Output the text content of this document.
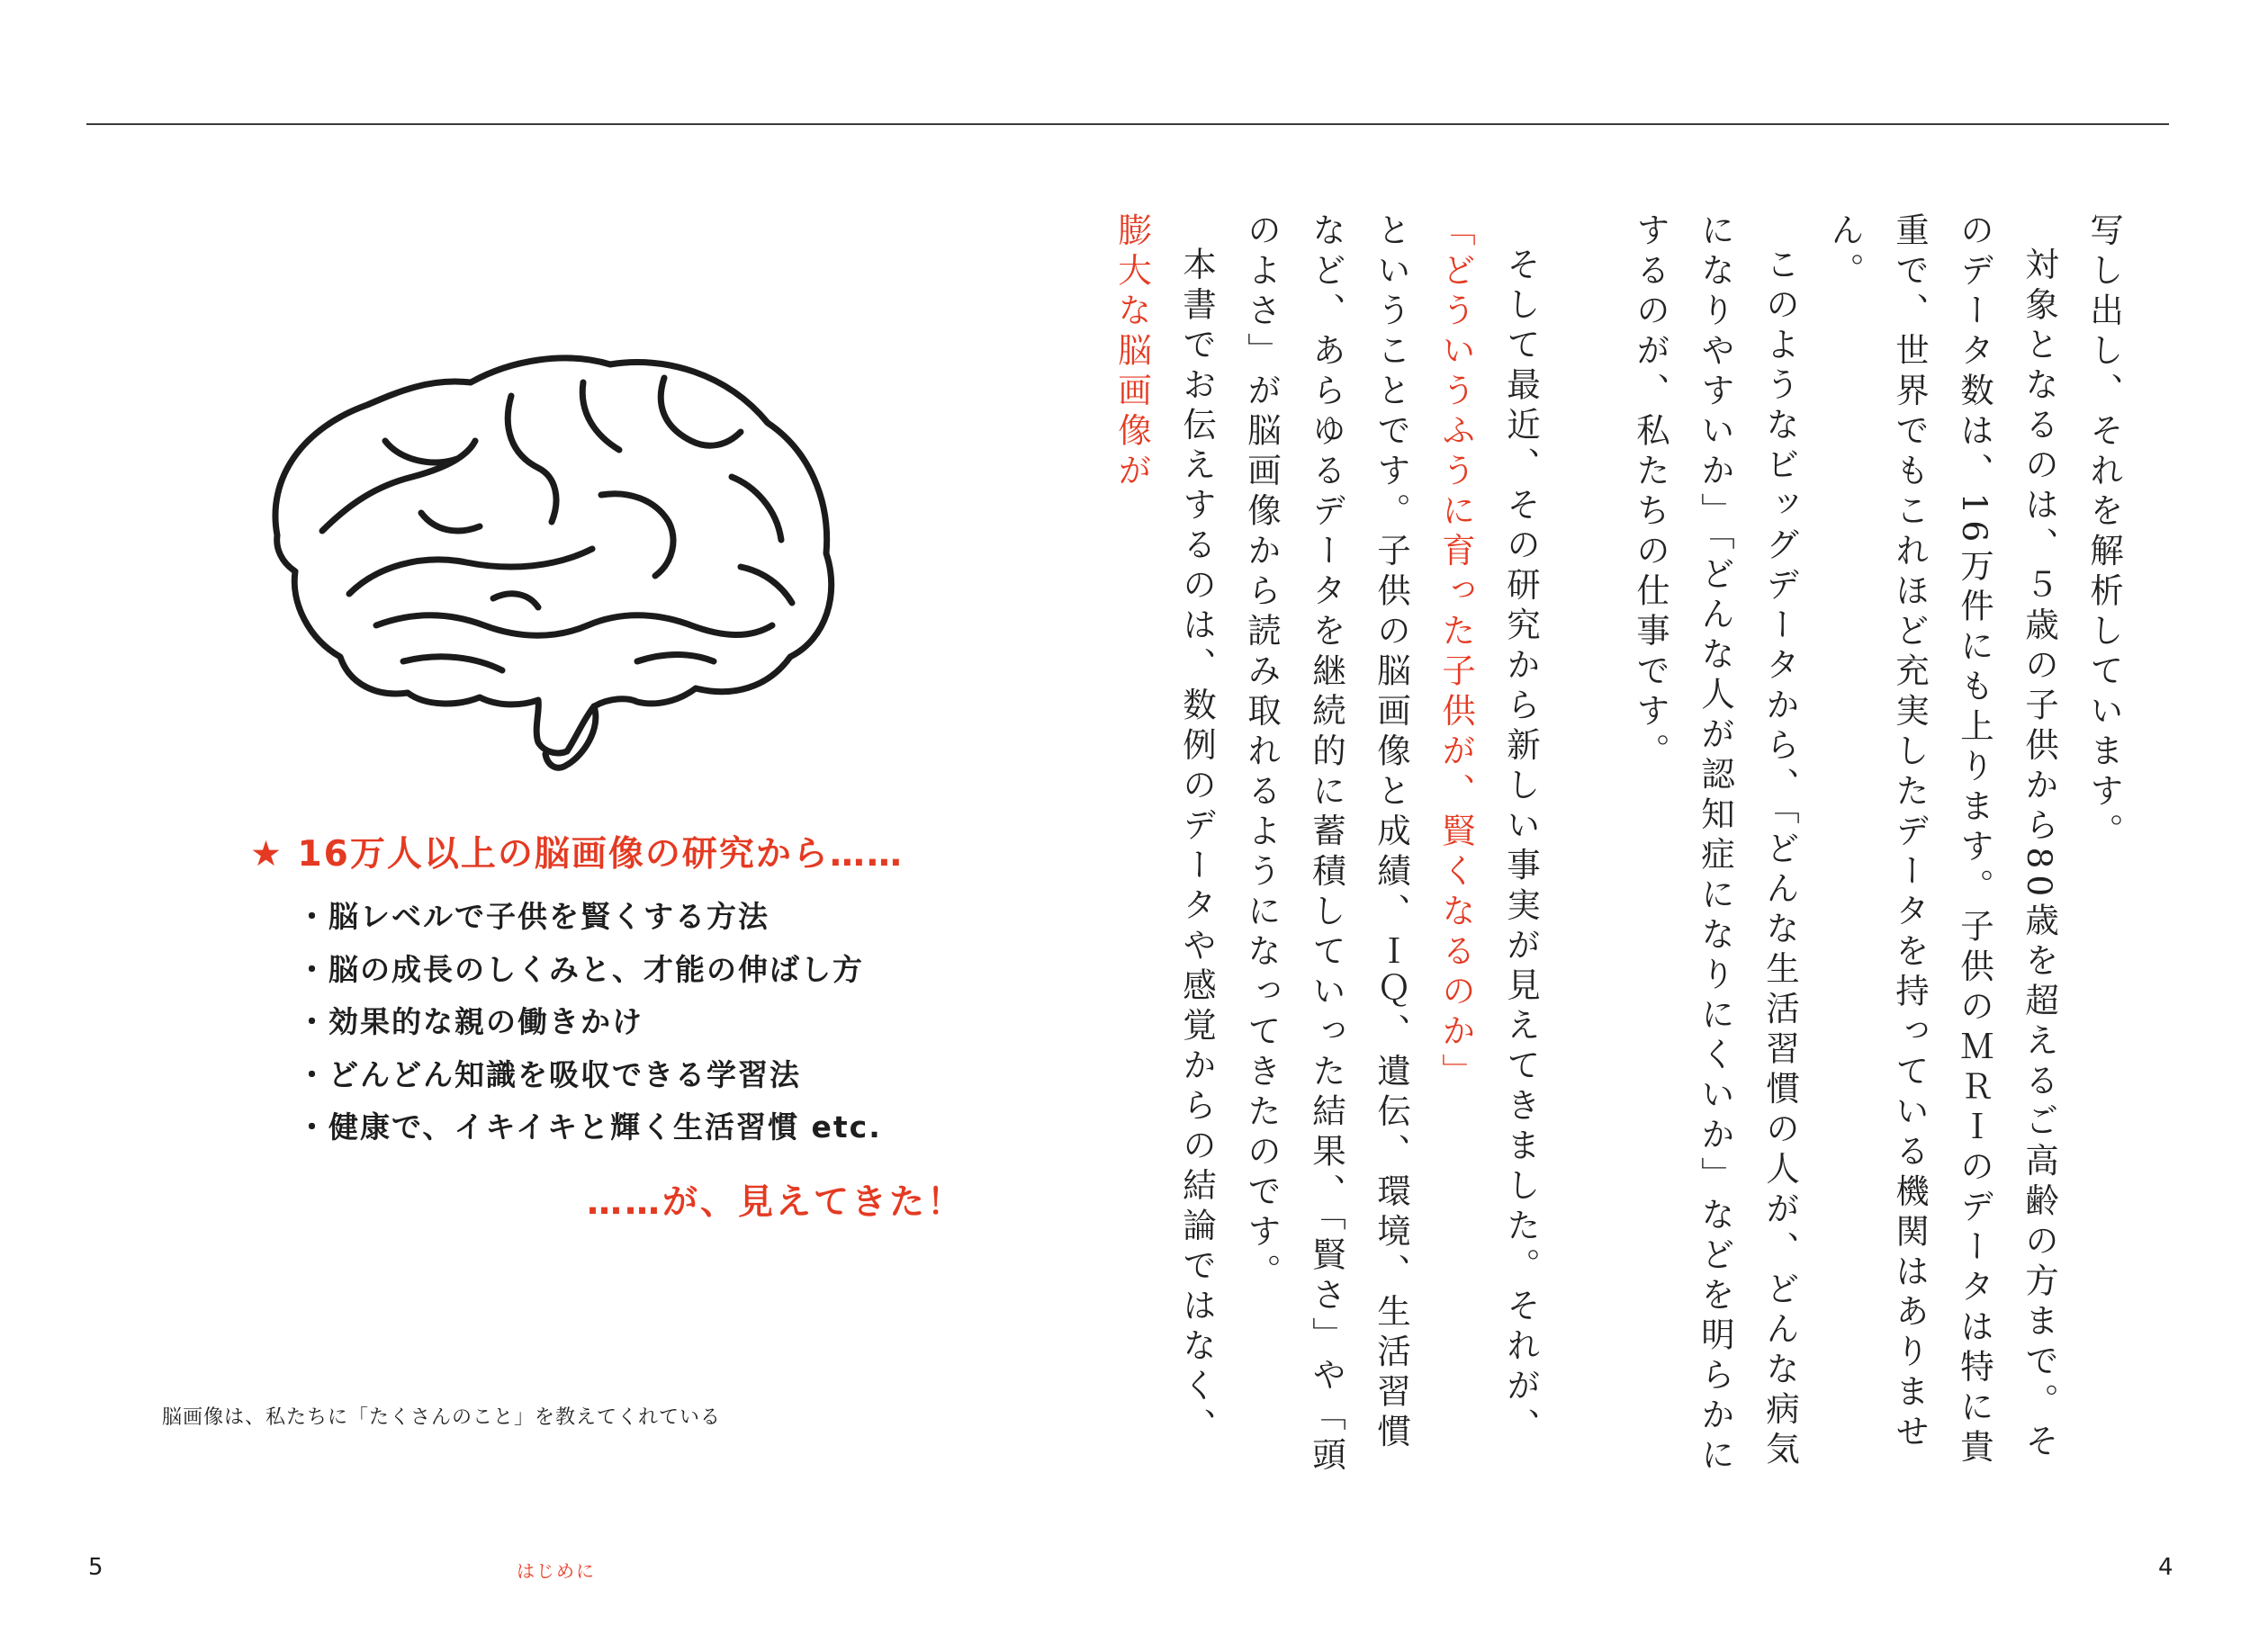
写し出し、それを解析しています。
対象となるのは、５歳の子供から80歳を超えるご高齢の方まで。そのデータ数は、16万件にも上ります。子供のＭＲＩのデータは特に貴重で、世界でもこれほど充実したデータを持っている機関はありません。
このようなビッグデータから、「どんな生活習慣の人が、どんな病気になりやすいか」「どんな人が認知症になりにくいか」などを明らかにするのが、私たちの仕事です。

そして最近、その研究から新しい事実が見えてきました。それが、
「どういうふうに育った子供が、賢くなるのか」
ということです。子供の脳画像と成績、ＩＱ、遺伝、環境、生活習慣など、あらゆるデータを継続的に蓄積していった結果、「賢さ」や「頭のよさ」が脳画像から読み取れるようになってきたのです。
本書でお伝えするのは、数例のデータや感覚からの結論ではなく、
膨大な脳画像が
★ 16万人以上の脳画像の研究から……
・脳レベルで子供を賢くする方法
・脳の成長のしくみと、才能の伸ばし方
・効果的な親の働きかけ
・どんどん知識を吸収できる学習法
・健康で、イキイキと輝く生活習慣 etc.
……が、見えてきた！
脳画像は、私たちに「たくさんのこと」を教えてくれている
5	はじめに	4
